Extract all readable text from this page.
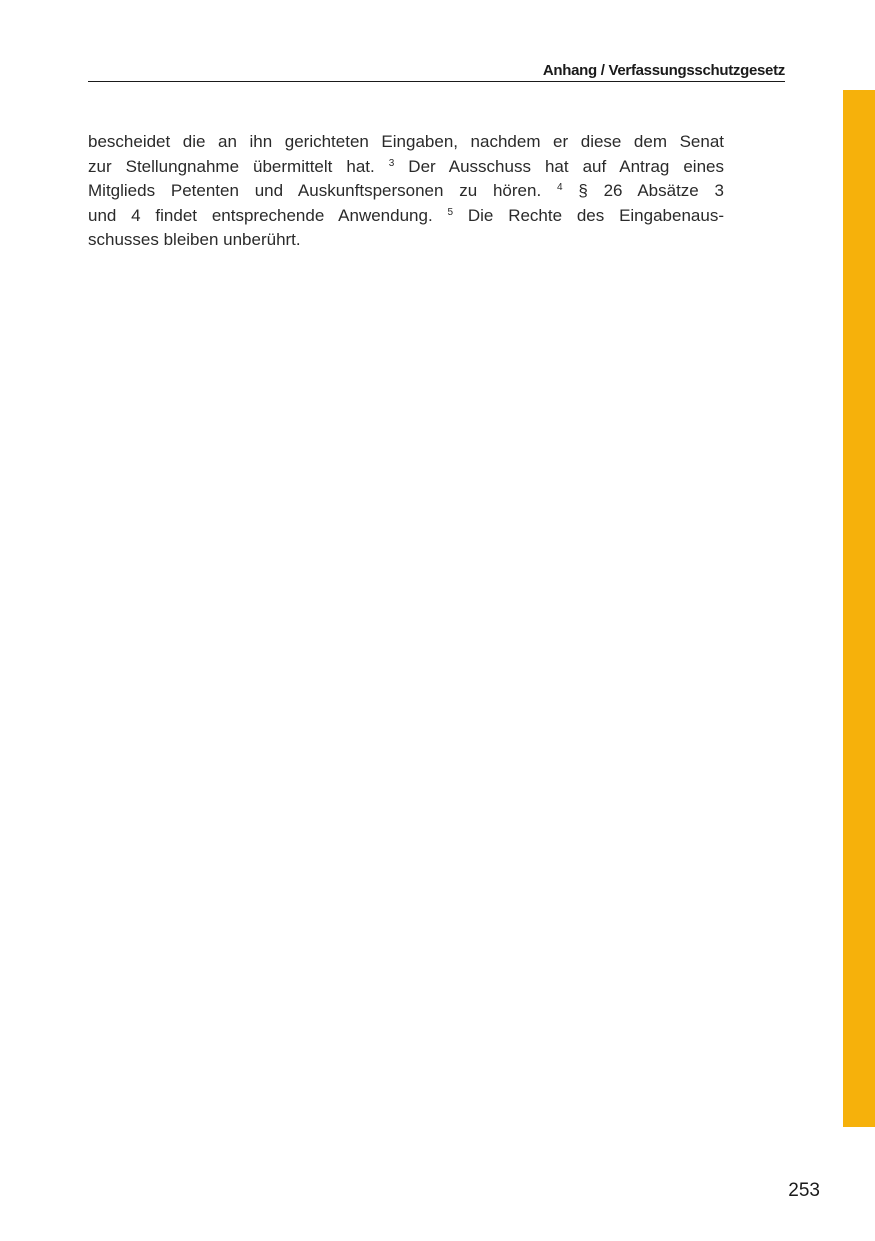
Anhang / Verfassungsschutzgesetz
bescheidet die an ihn gerichteten Eingaben, nachdem er diese dem Senat
zur Stellungnahme übermittelt hat. $^3$ Der Ausschuss hat auf Antrag eines
Mitglieds Petenten und Auskunftspersonen zu hören. $^4$ § 26 Absätze 3
und 4 findet entsprechende Anwendung. $^5$ Die Rechte des Eingabenaus-
schusses bleiben unberührt.
253
